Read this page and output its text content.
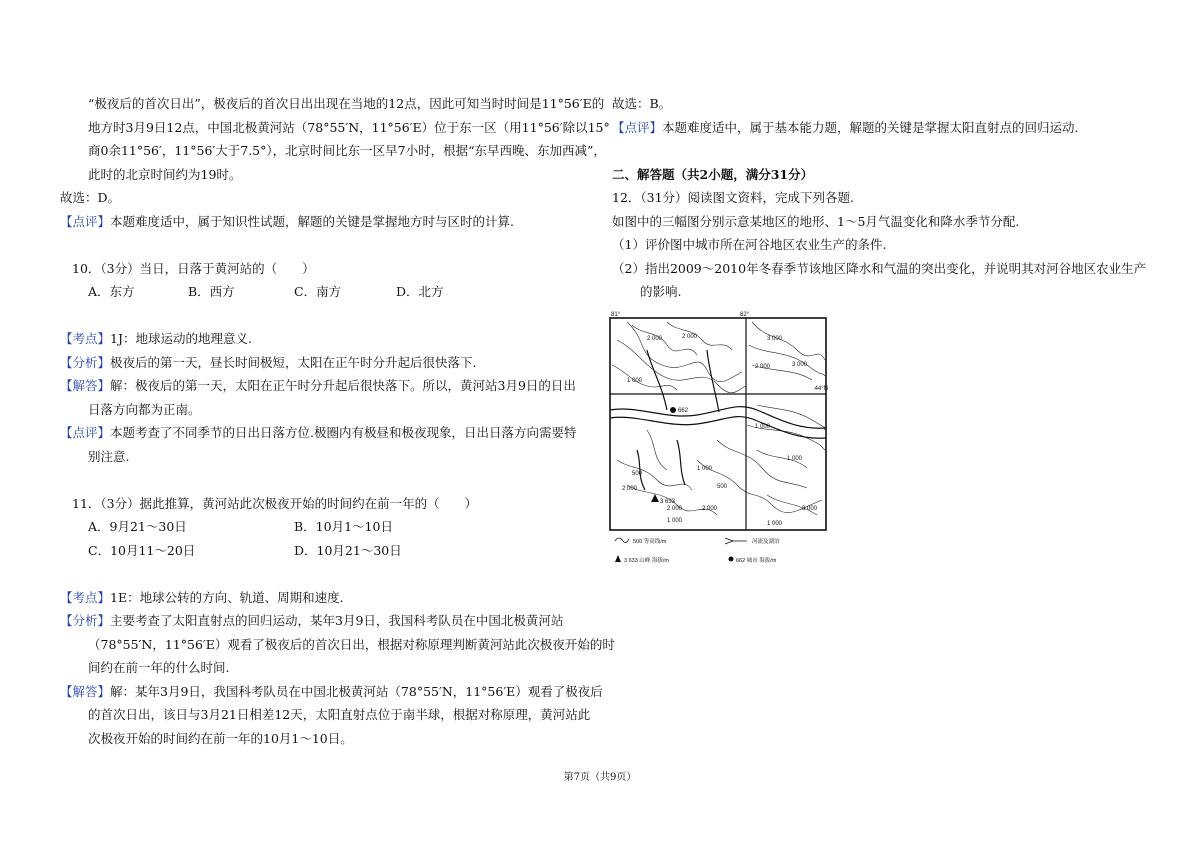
“极夜后的首次日出”，极夜后的首次日出出现在当地的12点，因此可知当时时间是11°56′E的
地方时3月9日12点，中国北极黄河站（78°55′N，11°56′E）位于东一区（用11°56′除以15°
商0余11°56′，11°56′大于7.5°），北京时间比东一区早7小时，根据“东早西晚、东加西减”，
此时的北京时间约为19时。
故选：D。
【点评】本题难度适中，属于知识性试题，解题的关键是掌握地方时与区时的计算.
10．（3分）当日，日落于黄河站的（　　）
A．东方	B．西方	C．南方	D．北方
【考点】1J：地球运动的地理意义.
【分析】极夜后的第一天，昼长时间极短，太阳在正午时分升起后很快落下.
【解答】解：极夜后的第一天，太阳在正午时分升起后很快落下。所以，黄河站3月9日的日出
日落方向都为正南。
【点评】本题考查了不同季节的日出日落方位.极圈内有极昼和极夜现象，日出日落方向需要特
别注意.
11．（3分）据此推算，黄河站此次极夜开始的时间约在前一年的（　　）
A．9月21～30日	B．10月1～10日
C．10月11～20日	D．10月21～30日
【考点】1E：地球公转的方向、轨道、周期和速度.
【分析】主要考查了太阳直射点的回归运动，某年3月9日，我国科考队员在中国北极黄河站
（78°55′N，11°56′E）观看了极夜后的首次日出，根据对称原理判断黄河站此次极夜开始的时
间约在前一年的什么时间.
【解答】解：某年3月9日，我国科考队员在中国北极黄河站（78°55′N，11°56′E）观看了极夜后
的首次日出，该日与3月21日相差12天，太阳直射点位于南半球，根据对称原理，黄河站此
次极夜开始的时间约在前一年的10月1～10日。
故选：B。
【点评】本题难度适中，属于基本能力题，解题的关键是掌握太阳直射点的回归运动.
二、解答题（共2小题，满分31分）
12．（31分）阅读图文资料，完成下列各题.
如图中的三幅图分别示意某地区的地形、1～5月气温变化和降水季节分配.
（1）评价图中城市所在河谷地区农业生产的条件.
（2）指出2009～2010年冬春季节该地区降水和气温的突出变化，并说明其对河谷地区农业生产
的影响.
81°	82°
44°N
2 000	2 000	3 000
3 000
2 000
1 000
1 000
1 000
2 000
1 000
1 000
2 000	3 000
2 000
1 000
500
500
662
3 633
500 等高线/m	河流及湖泊
3 633 山峰 海拔/m	662 城市 海拔/m
第7页（共9页）
